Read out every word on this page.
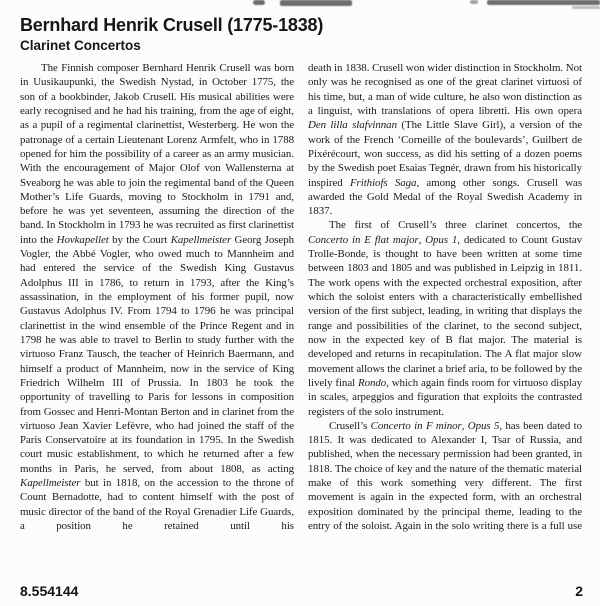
Bernhard Henrik Crusell (1775-1838)
Clarinet Concertos

The Finnish composer Bernhard Henrik Crusell was born in Uusikaupunki, the Swedish Nystad, in October 1775, the son of a bookbinder, Jakob Crusell. His musical abilities were early recognised and he had his training, from the age of eight, as a pupil of a regimental clarinettist, Westerberg. He won the patronage of a certain Lieutenant Lorenz Armfelt, who in 1788 opened for him the possibility of a career as an army musician. With the encouragement of Major Olof von Wallensterna at Sveaborg he was able to join the regimental band of the Queen Mother’s Life Guards, moving to Stockholm in 1791 and, before he was yet seventeen, assuming the direction of the band. In Stockholm in 1793 he was recruited as first clarinettist into the Hovkapellet by the Court Kapellmeister Georg Joseph Vogler, the Abbé Vogler, who owed much to Mannheim and had entered the service of the Swedish King Gustavus Adolphus III in 1786, to return in 1793, after the King’s assassination, in the employment of his former pupil, now Gustavus Adolphus IV. From 1794 to 1796 he was principal clarinettist in the wind ensemble of the Prince Regent and in 1798 he was able to travel to Berlin to study further with the virtuoso Franz Tausch, the teacher of Heinrich Baermann, and himself a product of Mannheim, now in the service of King Friedrich Wilhelm III of Prussia. In 1803 he took the opportunity of travelling to Paris for lessons in composition from Gossec and Henri-Montan Berton and in clarinet from the virtuoso Jean Xavier Lefèvre, who had joined the staff of the Paris Conservatoire at its foundation in 1795. In the Swedish court music establishment, to which he returned after a few months in Paris, he served, from about 1808, as acting Kapellmeister but in 1818, on the accession to the throne of Count Bernadotte, had to content himself with the post of music director of the band of the Royal Grenadier Life Guards, a position he retained until his

death in 1838. Crusell won wider distinction in Stockholm. Not only was he recognised as one of the great clarinet virtuosi of his time, but, a man of wide culture, he also won distinction as a linguist, with translations of opera libretti. His own opera Den lilla slafvinnan (The Little Slave Girl), a version of the work of the French ‘Corneille of the boulevards’, Guilbert de Pixérécourt, won success, as did his setting of a dozen poems by the Swedish poet Esaias Tegnér, drawn from his historically inspired Frithiofs Saga, among other songs. Crusell was awarded the Gold Medal of the Royal Swedish Academy in 1837.

The first of Crusell’s three clarinet concertos, the Concerto in E flat major, Opus 1, dedicated to Count Gustav Trolle-Bonde, is thought to have been written at some time between 1803 and 1805 and was published in Leipzig in 1811. The work opens with the expected orchestral exposition, after which the soloist enters with a characteristically embellished version of the first subject, leading, in writing that displays the range and possibilities of the clarinet, to the second subject, now in the expected key of B flat major. The material is developed and returns in recapitulation. The A flat major slow movement allows the clarinet a brief aria, to be followed by the lively final Rondo, which again finds room for virtuoso display in scales, arpeggios and figuration that exploits the contrasted registers of the solo instrument.

Crusell’s Concerto in F minor, Opus 5, has been dated to 1815. It was dedicated to Alexander I, Tsar of Russia, and published, when the necessary permission had been granted, in 1818. The choice of key and the nature of the thematic material make of this work something very different. The first movement is again in the expected form, with an orchestral exposition dominated by the principal theme, leading to the entry of the soloist. Again in the solo writing there is a full use

8.554144	2
